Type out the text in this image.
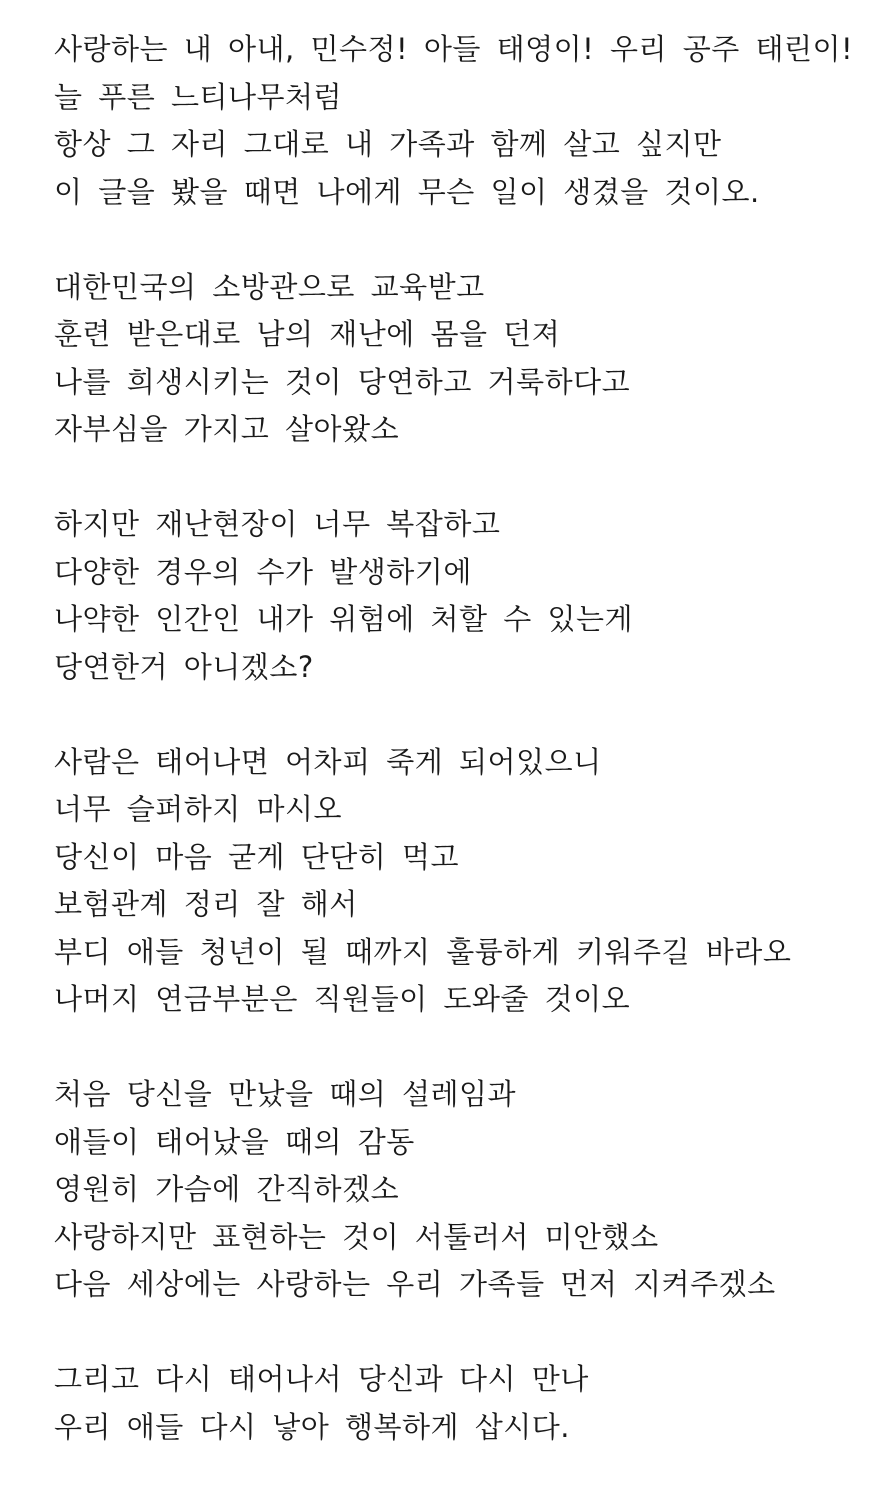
사랑하는 내 아내, 민수정! 아들 태영이! 우리 공주 태린이!
늘 푸른 느티나무처럼
항상 그 자리 그대로 내 가족과 함께 살고 싶지만
이 글을 봤을 때면 나에게 무슨 일이 생겼을 것이오.
대한민국의 소방관으로 교육받고
훈련 받은대로 남의 재난에 몸을 던져
나를 희생시키는 것이 당연하고 거룩하다고
자부심을 가지고 살아왔소
하지만 재난현장이 너무 복잡하고
다양한 경우의 수가 발생하기에
나약한 인간인 내가 위험에 처할 수 있는게
당연한거 아니겠소?
사람은 태어나면 어차피 죽게 되어있으니
너무 슬퍼하지 마시오
당신이 마음 굳게 단단히 먹고
보험관계 정리 잘 해서
부디 애들 청년이 될 때까지 훌륭하게 키워주길 바라오
나머지 연금부분은 직원들이 도와줄 것이오
처음 당신을 만났을 때의 설레임과
애들이 태어났을 때의 감동
영원히 가슴에 간직하겠소
사랑하지만 표현하는 것이 서툴러서 미안했소
다음 세상에는 사랑하는 우리 가족들 먼저 지켜주겠소
그리고 다시 태어나서 당신과 다시 만나
우리 애들 다시 낳아 행복하게 삽시다.
